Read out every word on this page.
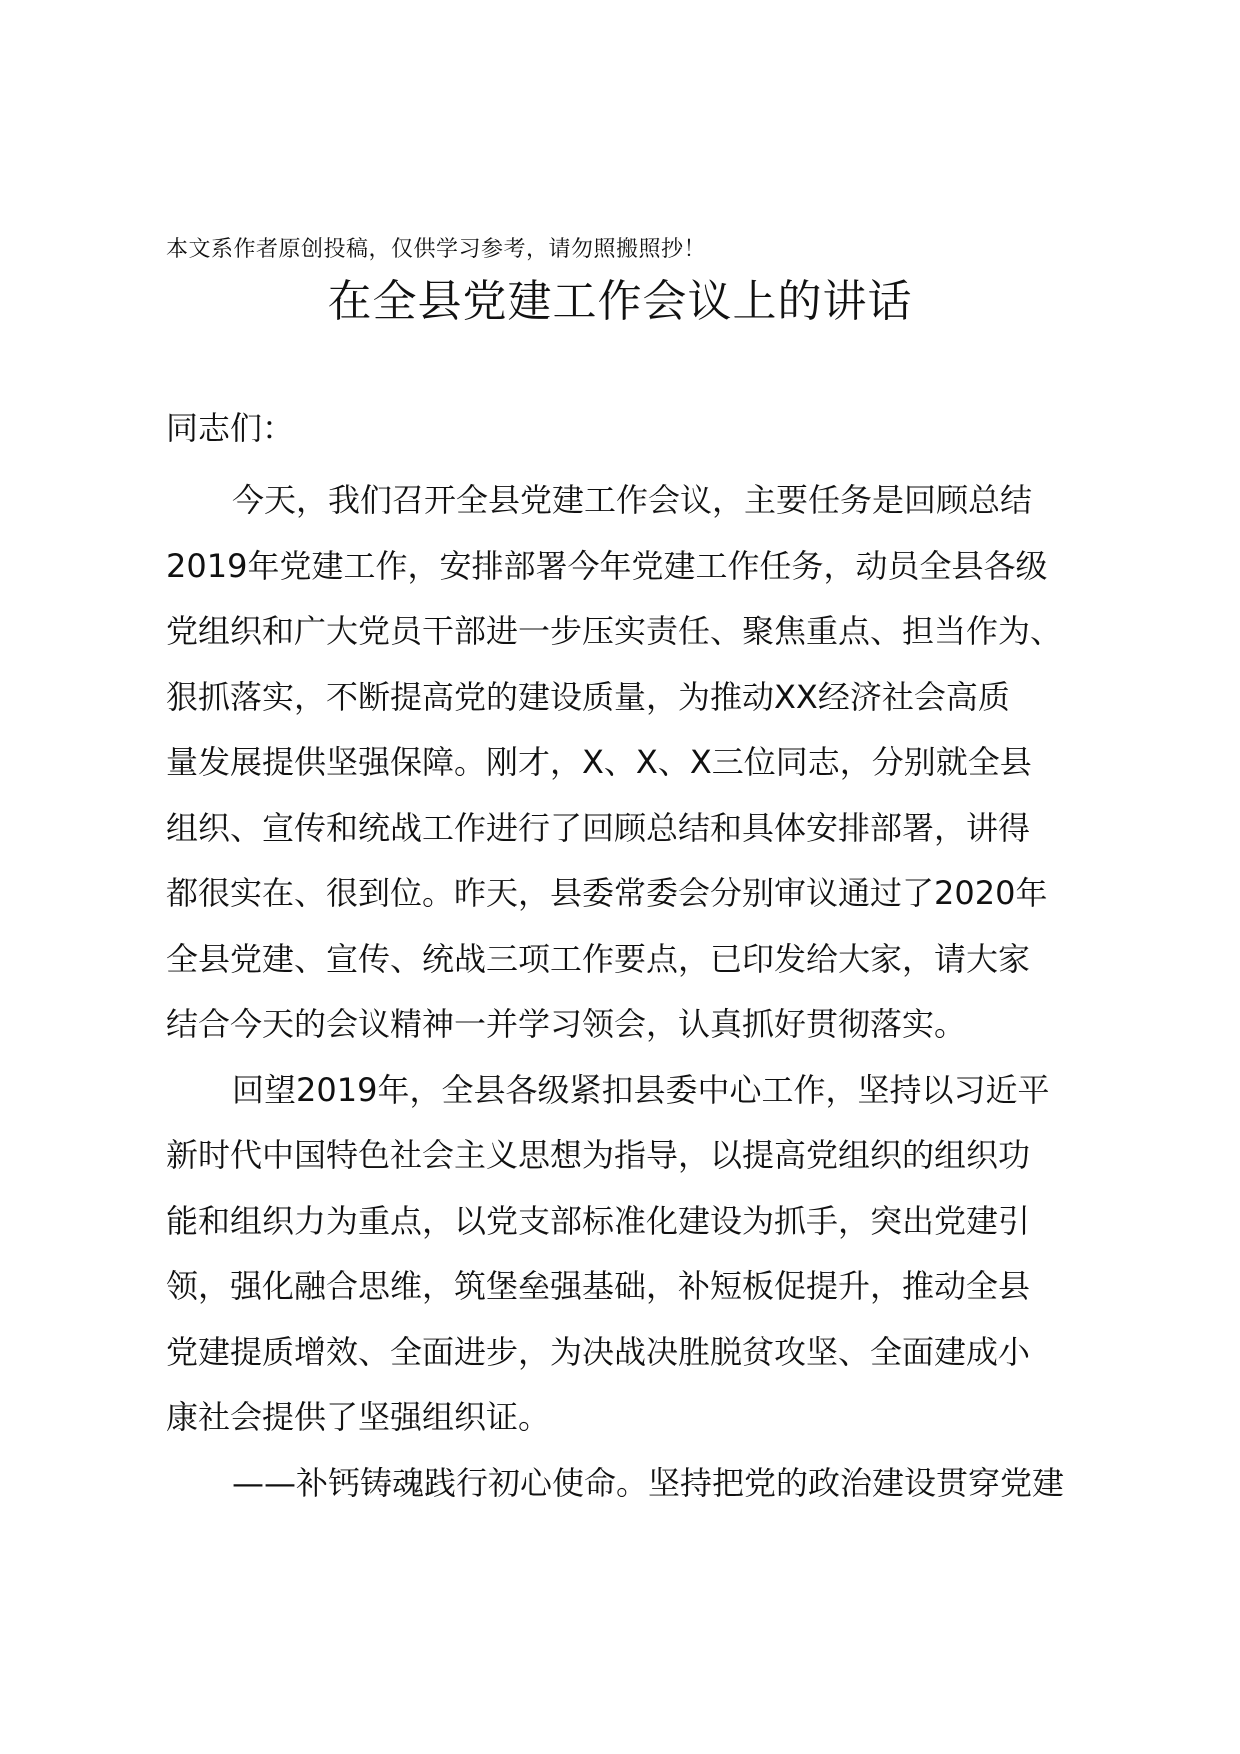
本文系作者原创投稿，仅供学习参考，请勿照搬照抄！
在全县党建工作会议上的讲话
同志们：
今天，我们召开全县党建工作会议，主要任务是回顾总结
2019年党建工作，安排部署今年党建工作任务，动员全县各级
党组织和广大党员干部进一步压实责任、聚焦重点、担当作为、
狠抓落实，不断提高党的建设质量，为推动XX经济社会高质
量发展提供坚强保障。刚才，X、X、X三位同志，分别就全县
组织、宣传和统战工作进行了回顾总结和具体安排部署，讲得
都很实在、很到位。昨天，县委常委会分别审议通过了2020年
全县党建、宣传、统战三项工作要点，已印发给大家，请大家
结合今天的会议精神一并学习领会，认真抓好贯彻落实。
回望2019年，全县各级紧扣县委中心工作，坚持以习近平
新时代中国特色社会主义思想为指导，以提高党组织的组织功
能和组织力为重点，以党支部标准化建设为抓手，突出党建引
领，强化融合思维，筑堡垒强基础，补短板促提升，推动全县
党建提质增效、全面进步，为决战决胜脱贫攻坚、全面建成小
康社会提供了坚强组织证。
——补钙铸魂践行初心使命。坚持把党的政治建设贯穿党建
